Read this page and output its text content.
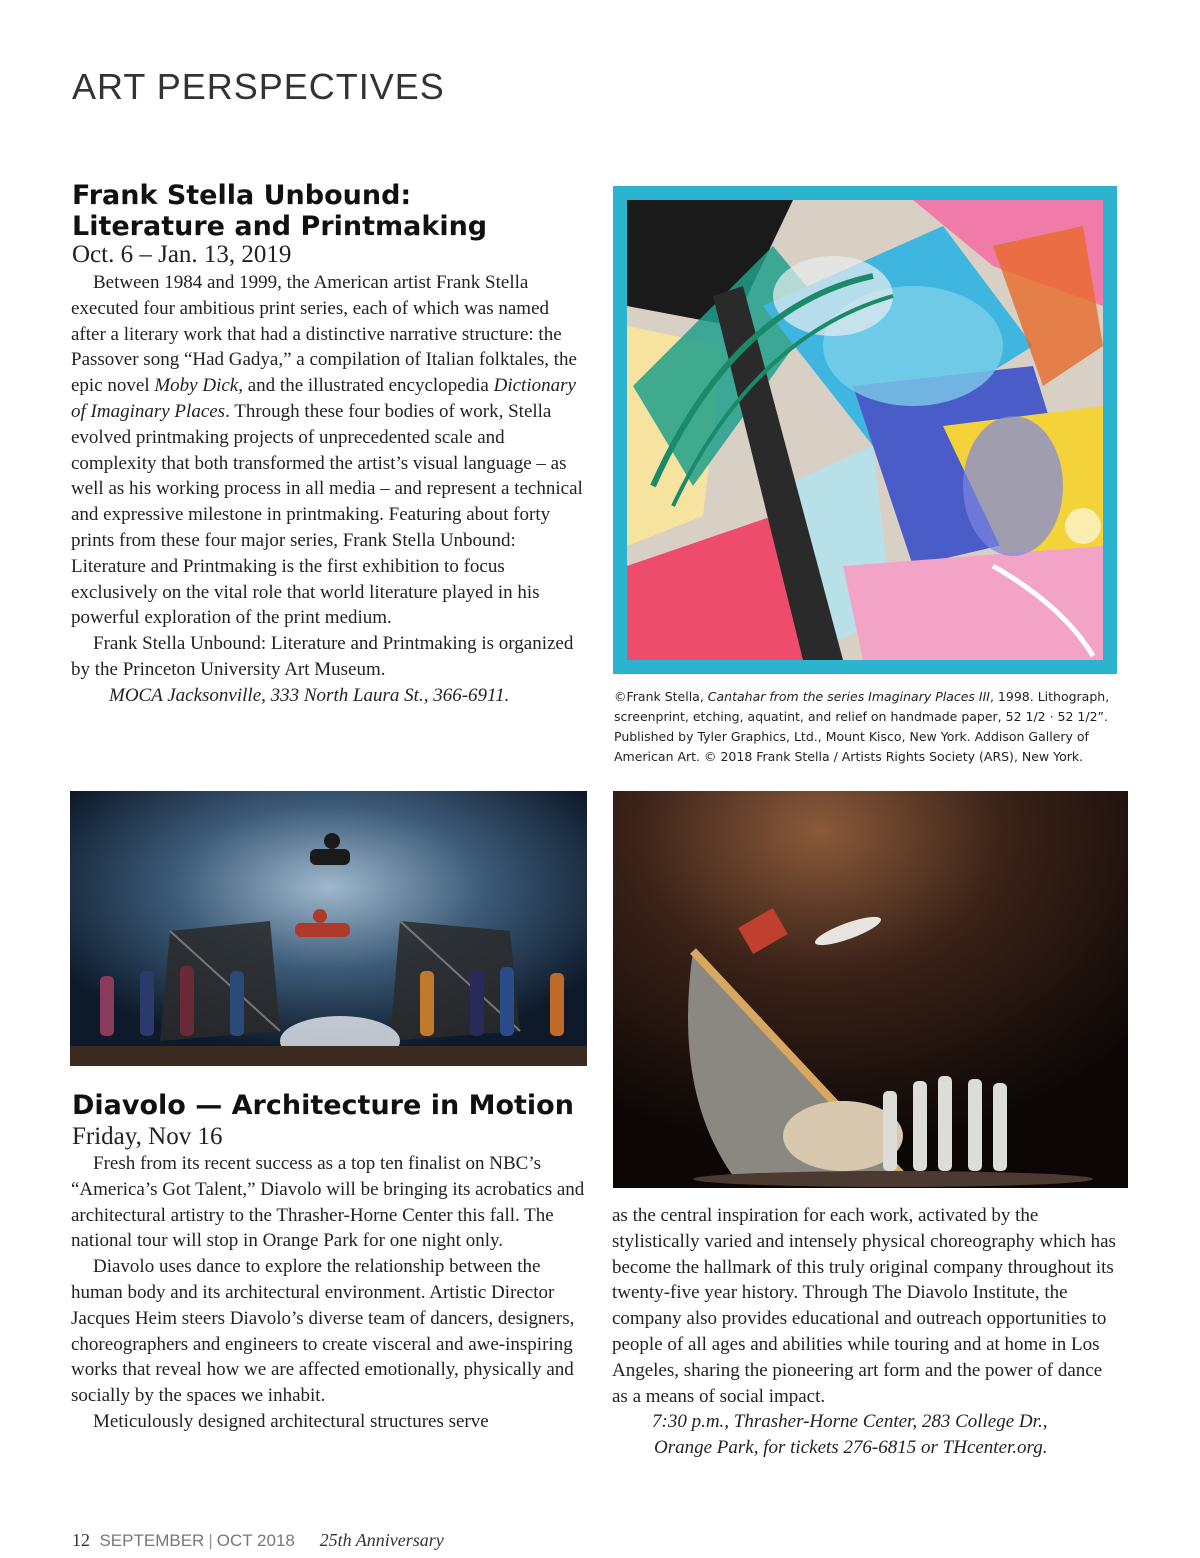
ART PERSPECTIVES
Frank Stella Unbound:
Literature and Printmaking
Oct. 6 – Jan. 13, 2019

Between 1984 and 1999, the American artist Frank Stella executed four ambitious print series, each of which was named after a literary work that had a distinctive narrative structure: the Passover song “Had Gadya,” a compilation of Italian folktales, the epic novel Moby Dick, and the illustrated encyclopedia Dictionary of Imaginary Places. Through these four bodies of work, Stella evolved printmaking projects of unprecedented scale and complexity that both transformed the artist’s visual language – as well as his working process in all media – and represent a technical and expressive milestone in printmaking. Featuring about forty prints from these four major series, Frank Stella Unbound: Literature and Printmaking is the first exhibition to focus exclusively on the vital role that world literature played in his powerful exploration of the print medium.

Frank Stella Unbound: Literature and Printmaking is organized by the Princeton University Art Museum.

MOCA Jacksonville, 333 North Laura St., 366-6911.	©Frank Stella, Cantahar from the series Imaginary Places III, 1998. Lithograph, screenprint, etching, aquatint, and relief on handmade paper, 52 1/2 · 52 1/2”. Published by Tyler Graphics, Ltd., Mount Kisco, New York. Addison Gallery of American Art. © 2018 Frank Stella / Artists Rights Society (ARS), New York.
Diavolo — Architecture in Motion
Friday, Nov 16

Fresh from its recent success as a top ten finalist on NBC’s “America’s Got Talent,” Diavolo will be bringing its acrobatics and architectural artistry to the Thrasher-Horne Center this fall. The national tour will stop in Orange Park for one night only.

Diavolo uses dance to explore the relationship between the human body and its architectural environment. Artistic Director Jacques Heim steers Diavolo’s diverse team of dancers, designers, choreographers and engineers to create visceral and awe-inspiring works that reveal how we are affected emotionally, physically and socially by the spaces we inhabit.

Meticulously designed architectural structures serve

as the central inspiration for each work, activated by the stylistically varied and intensely physical choreography which has become the hallmark of this truly original company throughout its twenty-five year history. Through The Diavolo Institute, the company also provides educational and outreach opportunities to people of all ages and abilities while touring and at home in Los Angeles, sharing the pioneering art form and the power of dance as a means of social impact.

7:30 p.m., Thrasher-Horne Center, 283 College Dr.,
Orange Park, for tickets 276-6815 or THcenter.org.

12 SEPTEMBER | OCT 2018 25th Anniversary
